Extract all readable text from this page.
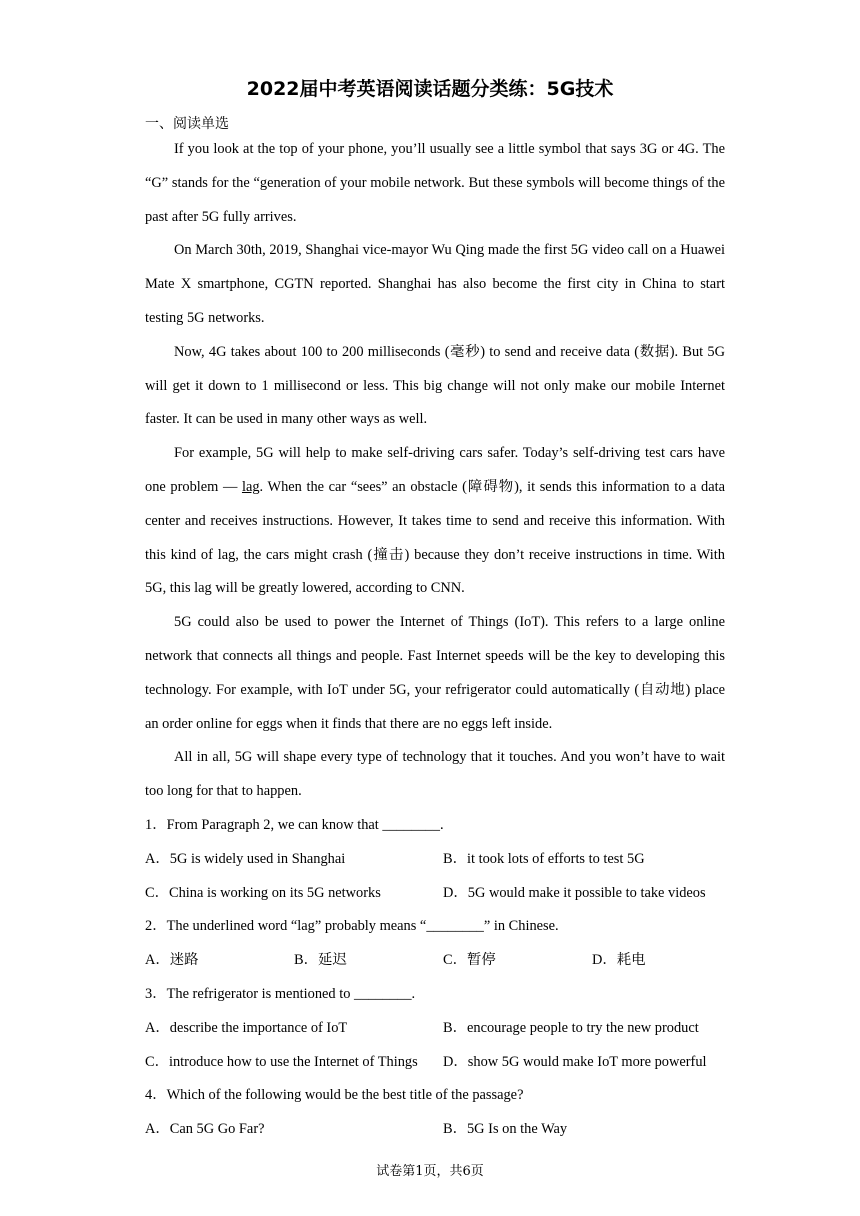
2022届中考英语阅读话题分类练：5G技术
一、阅读单选

If you look at the top of your phone, you’ll usually see a little symbol that says 3G or 4G. The “G” stands for the “generation of your mobile network. But these symbols will become things of the past after 5G fully arrives.

On March 30th, 2019, Shanghai vice-mayor Wu Qing made the first 5G video call on a Huawei Mate X smartphone, CGTN reported. Shanghai has also become the first city in China to start testing 5G networks.

Now, 4G takes about 100 to 200 milliseconds (毫秒) to send and receive data (数据). But 5G will get it down to 1 millisecond or less. This big change will not only make our mobile Internet faster. It can be used in many other ways as well.

For example, 5G will help to make self-driving cars safer. Today’s self-driving test cars have one problem — lag. When the car “sees” an obstacle (障碍物), it sends this information to a data center and receives instructions. However, It takes time to send and receive this information. With this kind of lag, the cars might crash (撞击) because they don’t receive instructions in time. With 5G, this lag will be greatly lowered, according to CNN.

5G could also be used to power the Internet of Things (IoT). This refers to a large online network that connects all things and people. Fast Internet speeds will be the key to developing this technology. For example, with IoT under 5G, your refrigerator could automatically (自动地) place an order online for eggs when it finds that there are no eggs left inside.

All in all, 5G will shape every type of technology that it touches. And you won’t have to wait too long for that to happen.

1．From Paragraph 2, we can know that ________.

A．5G is widely used in Shanghai	B．it took lots of efforts to test 5G
C．China is working on its 5G networks	D．5G would make it possible to take videos

2．The underlined word “lag” probably means “________” in Chinese.

A．迷路	B．延迟	C．暂停	D．耗电

3．The refrigerator is mentioned to ________.

A．describe the importance of IoT	B．encourage people to try the new product
C．introduce how to use the Internet of Things	D．show 5G would make IoT more powerful

4．Which of the following would be the best title of the passage?

A．Can 5G Go Far?	B．5G Is on the Way
试卷第1页，共6页
